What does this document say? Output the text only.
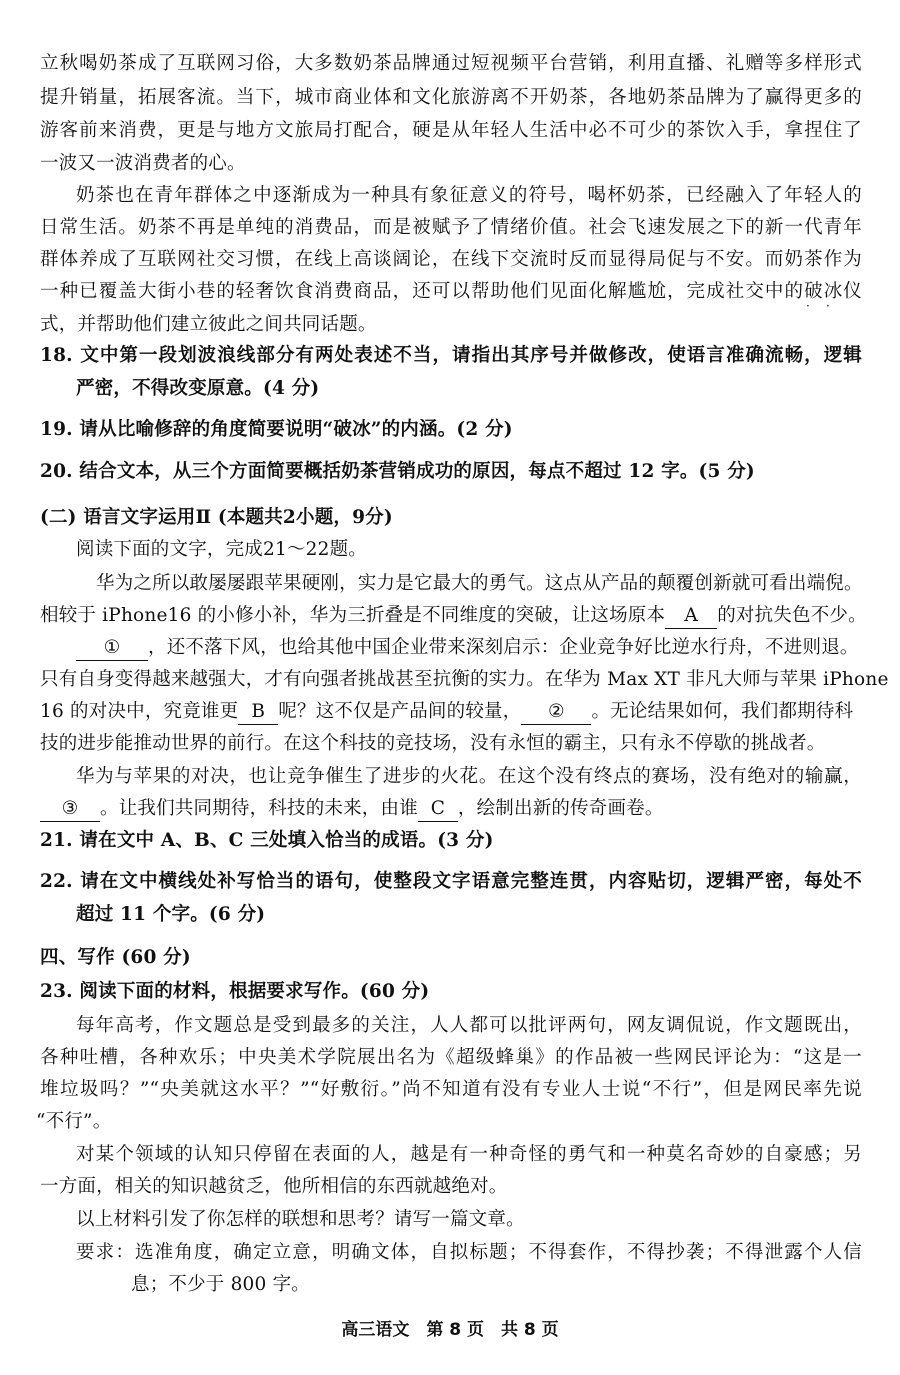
立秋喝奶茶成了互联网习俗，大多数奶茶品牌通过短视频平台营销，利用直播、礼赠等多样形式
提升销量，拓展客流。当下，城市商业体和文化旅游离不开奶茶，各地奶茶品牌为了赢得更多的
游客前来消费，更是与地方文旅局打配合，硬是从年轻人生活中必不可少的茶饮入手，拿捏住了
一波又一波消费者的心。
奶茶也在青年群体之中逐渐成为一种具有象征意义的符号，喝杯奶茶，已经融入了年轻人的
日常生活。奶茶不再是单纯的消费品，而是被赋予了情绪价值。社会飞速发展之下的新一代青年
群体养成了互联网社交习惯，在线上高谈阔论，在线下交流时反而显得局促与不安。而奶茶作为
一种已覆盖大街小巷的轻奢饮食消费商品，还可以帮助他们见面化解尴尬，完成社交中的破冰仪
· ·
式，并帮助他们建立彼此之间共同话题。
18. 文中第一段划波浪线部分有两处表述不当，请指出其序号并做修改，使语言准确流畅，逻辑
严密，不得改变原意。(4 分)
19. 请从比喻修辞的角度简要说明“破冰”的内涵。(2 分)
20. 结合文本，从三个方面简要概括奶茶营销成功的原因，每点不超过 12 字。(5 分)
(二) 语言文字运用Ⅱ (本题共2小题，9分)
阅读下面的文字，完成21～22题。
华为之所以敢屡屡跟苹果硬刚，实力是它最大的勇气。这点从产品的颠覆创新就可看出端倪。
相较于 iPhone16 的小修小补，华为三折叠是不同维度的突破，让这场原本 A 的对抗失色不少。
① ，还不落下风，也给其他中国企业带来深刻启示：企业竞争好比逆水行舟，不进则退。
只有自身变得越来越强大，才有向强者挑战甚至抗衡的实力。在华为 Max XT 非凡大师与苹果 iPhone
16 的对决中，究竟谁更 B 呢？这不仅是产品间的较量， ② 。无论结果如何，我们都期待科
技的进步能推动世界的前行。在这个科技的竞技场，没有永恒的霸主，只有永不停歇的挑战者。
华为与苹果的对决，也让竞争催生了进步的火花。在这个没有终点的赛场，没有绝对的输赢，
③ 。让我们共同期待，科技的未来，由谁 C ，绘制出新的传奇画卷。
21. 请在文中 A、B、C 三处填入恰当的成语。(3 分)
22. 请在文中横线处补写恰当的语句，使整段文字语意完整连贯，内容贴切，逻辑严密，每处不
超过 11 个字。(6 分)
四、写作 (60 分)
23. 阅读下面的材料，根据要求写作。(60 分)
每年高考，作文题总是受到最多的关注，人人都可以批评两句，网友调侃说，作文题既出，
各种吐槽，各种欢乐；中央美术学院展出名为《超级蜂巢》的作品被一些网民评论为：“这是一
堆垃圾吗？”“央美就这水平？”“好敷衍。”尚不知道有没有专业人士说“不行”，但是网民率先说
“不行”。
对某个领域的认知只停留在表面的人，越是有一种奇怪的勇气和一种莫名奇妙的自豪感；另
一方面，相关的知识越贫乏，他所相信的东西就越绝对。
以上材料引发了你怎样的联想和思考？请写一篇文章。
要求：选准角度，确定立意，明确文体，自拟标题；不得套作，不得抄袭；不得泄露个人信
息；不少于 800 字。
高三语文　第 8 页　共 8 页
